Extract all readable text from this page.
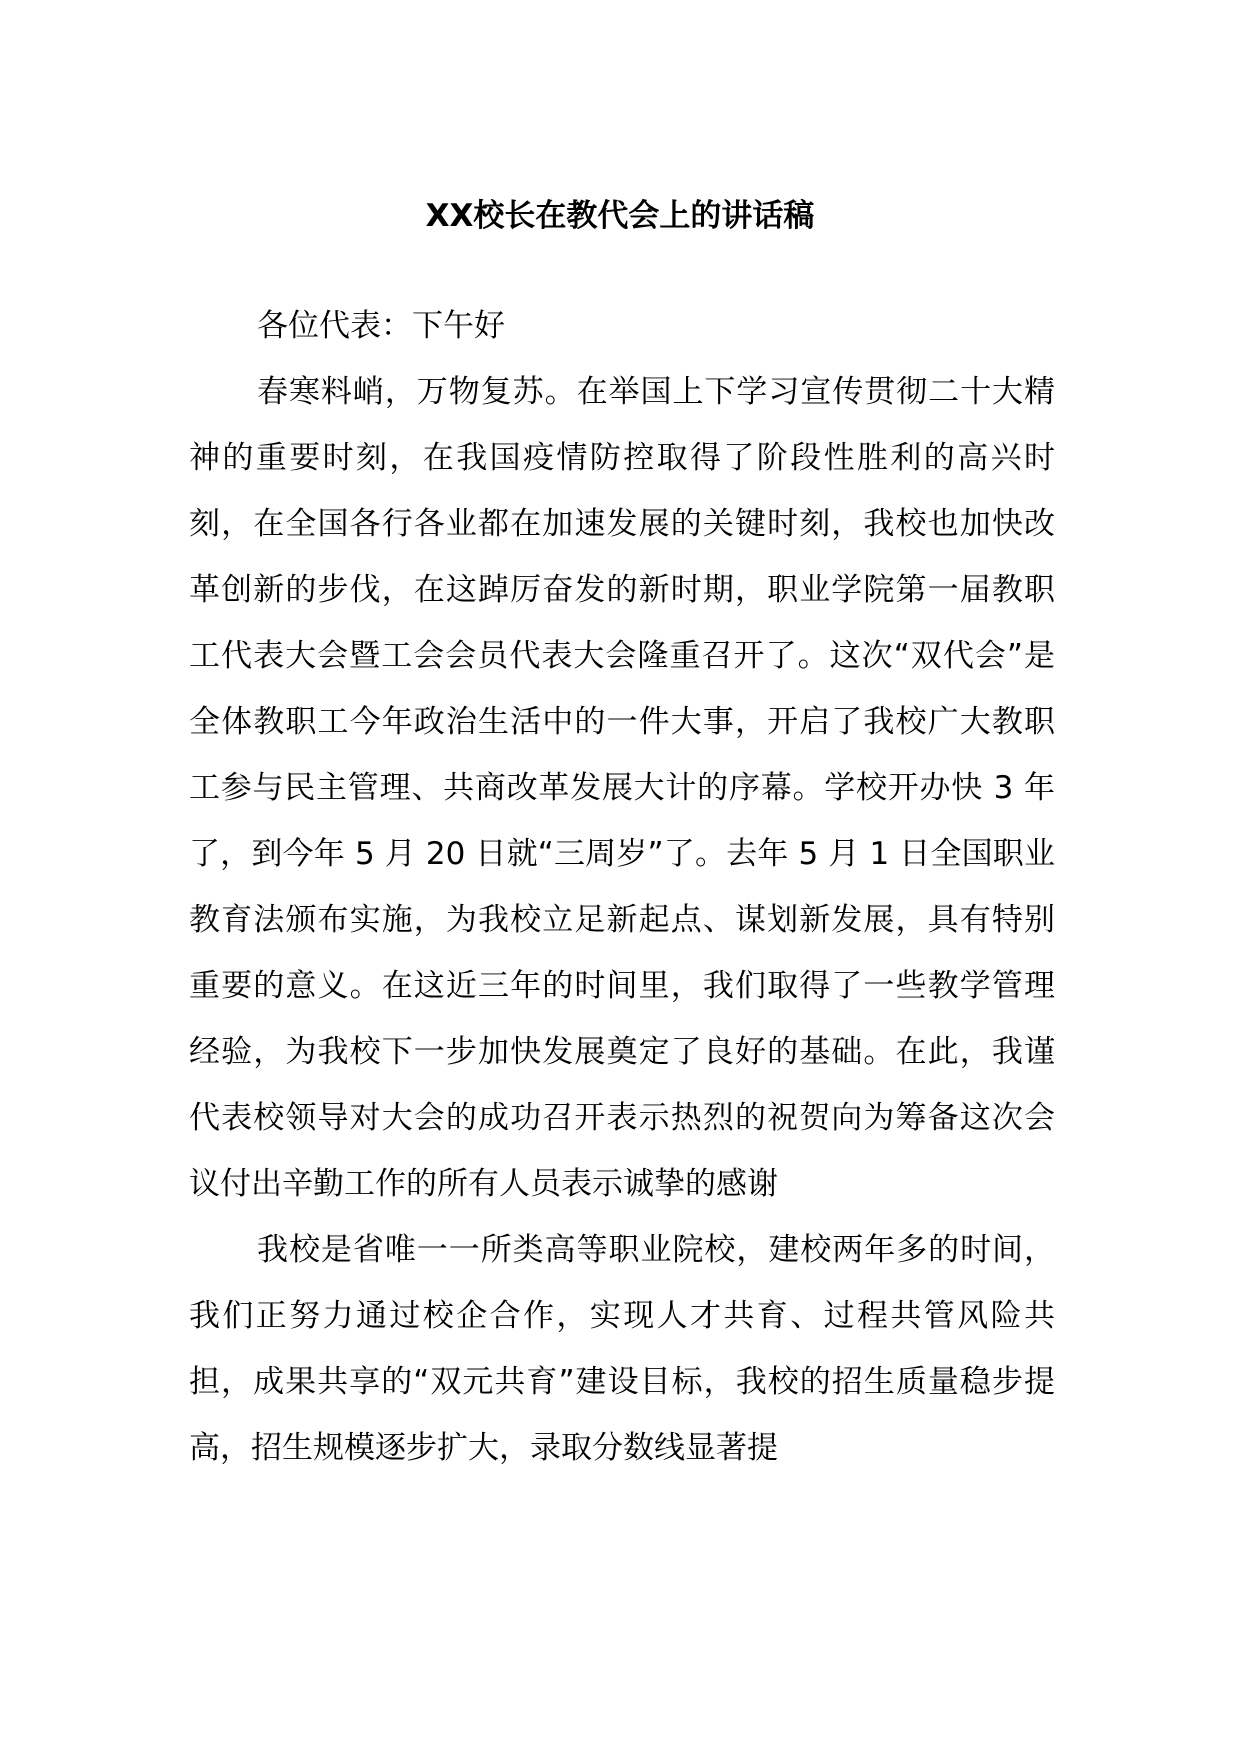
XX校长在教代会上的讲话稿

各位代表：下午好

春寒料峭，万物复苏。在举国上下学习宣传贯彻二十大精神的重要时刻，在我国疫情防控取得了阶段性胜利的高兴时刻，在全国各行各业都在加速发展的关键时刻，我校也加快改革创新的步伐，在这踔厉奋发的新时期，职业学院第一届教职工代表大会暨工会会员代表大会隆重召开了。这次“双代会”是全体教职工今年政治生活中的一件大事，开启了我校广大教职工参与民主管理、共商改革发展大计的序幕。学校开办快 3 年了，到今年 5 月 20 日就“三周岁”了。去年 5 月 1 日全国职业教育法颁布实施，为我校立足新起点、谋划新发展，具有特别重要的意义。在这近三年的时间里，我们取得了一些教学管理经验，为我校下一步加快发展奠定了良好的基础。在此，我谨代表校领导对大会的成功召开表示热烈的祝贺向为筹备这次会议付出辛勤工作的所有人员表示诚挚的感谢

我校是省唯一一所类高等职业院校，建校两年多的时间，我们正努力通过校企合作，实现人才共育、过程共管风险共担，成果共享的“双元共育”建设目标，我校的招生质量稳步提高，招生规模逐步扩大，录取分数线显著提
